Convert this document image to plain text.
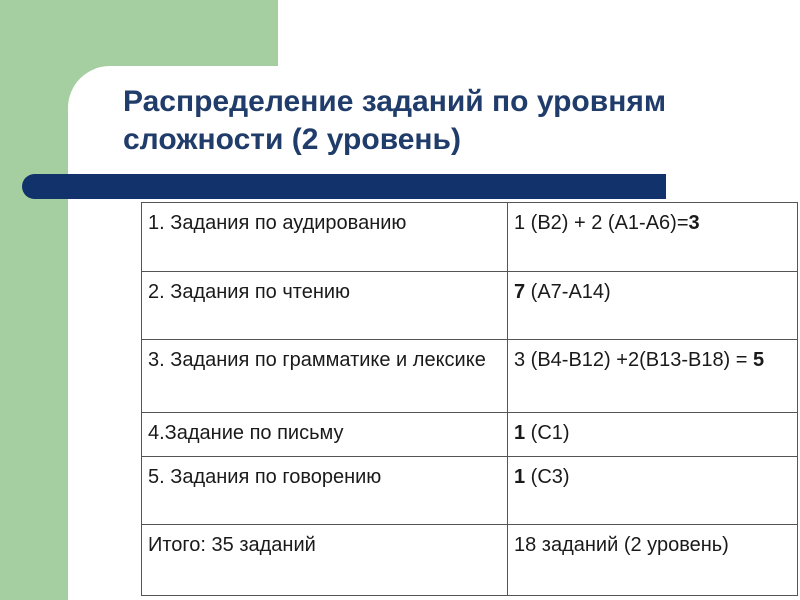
Распределение заданий по уровням сложности (2 уровень)
1. Задания по аудированию	1 (В2) + 2 (А1-А6)=3
2. Задания по чтению	7 (А7-А14)
3. Задания по грамматике и лексике	3 (В4-В12) +2(В13-В18) = 5
4.Задание по письму	1 (С1)
5. Задания по говорению	1 (С3)
Итого: 35 заданий	18 заданий (2 уровень)
